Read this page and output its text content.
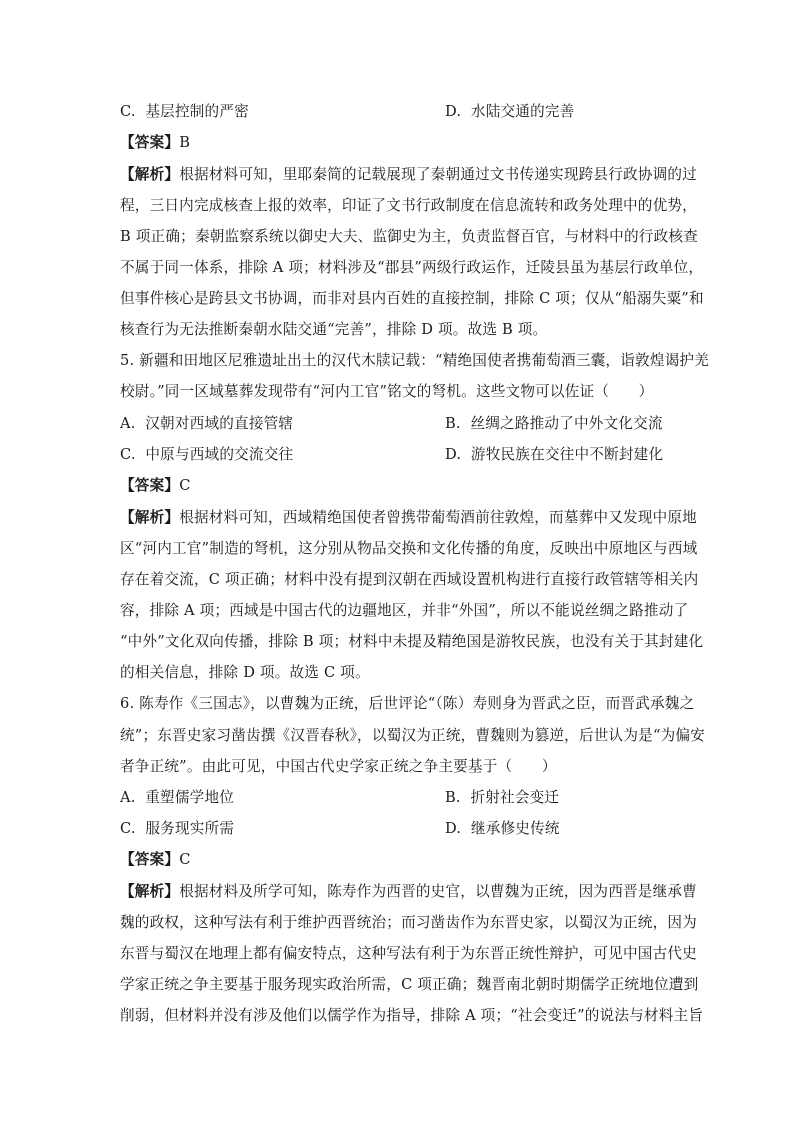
C. 基层控制的严密	D. 水陆交通的完善
【答案】B
【解析】根据材料可知，里耶秦简的记载展现了秦朝通过文书传递实现跨县行政协调的过
程，三日内完成核查上报的效率，印证了文书行政制度在信息流转和政务处理中的优势，
B 项正确；秦朝监察系统以御史大夫、监御史为主，负责监督百官，与材料中的行政核查
不属于同一体系，排除 A 项；材料涉及“郡县”两级行政运作，迁陵县虽为基层行政单位，
但事件核心是跨县文书协调，而非对县内百姓的直接控制，排除 C 项；仅从“船溺失粟”和
核查行为无法推断秦朝水陆交通“完善”，排除 D 项。故选 B 项。
5. 新疆和田地区尼雅遗址出土的汉代木牍记载：“精绝国使者携葡萄酒三囊，诣敦煌谒护羌
校尉。”同一区域墓葬发现带有“河内工官”铭文的弩机。这些文物可以佐证（　　）
A. 汉朝对西域的直接管辖	B. 丝绸之路推动了中外文化交流
C. 中原与西域的交流交往	D. 游牧民族在交往中不断封建化
【答案】C
【解析】根据材料可知，西域精绝国使者曾携带葡萄酒前往敦煌，而墓葬中又发现中原地
区“河内工官”制造的弩机，这分别从物品交换和文化传播的角度，反映出中原地区与西域
存在着交流，C 项正确；材料中没有提到汉朝在西域设置机构进行直接行政管辖等相关内
容，排除 A 项；西域是中国古代的边疆地区，并非“外国”，所以不能说丝绸之路推动了
“中外”文化双向传播，排除 B 项；材料中未提及精绝国是游牧民族，也没有关于其封建化
的相关信息，排除 D 项。故选 C 项。
6. 陈寿作《三国志》，以曹魏为正统，后世评论“（陈）寿则身为晋武之臣，而晋武承魏之
统”；东晋史家习凿齿撰《汉晋春秋》，以蜀汉为正统，曹魏则为篡逆，后世认为是“为偏安
者争正统”。由此可见，中国古代史学家正统之争主要基于（　　）
A. 重塑儒学地位	B. 折射社会变迁
C. 服务现实所需	D. 继承修史传统
【答案】C
【解析】根据材料及所学可知，陈寿作为西晋的史官，以曹魏为正统，因为西晋是继承曹
魏的政权，这种写法有利于维护西晋统治；而习凿齿作为东晋史家，以蜀汉为正统，因为
东晋与蜀汉在地理上都有偏安特点，这种写法有利于为东晋正统性辩护，可见中国古代史
学家正统之争主要基于服务现实政治所需，C 项正确；魏晋南北朝时期儒学正统地位遭到
削弱，但材料并没有涉及他们以儒学作为指导，排除 A 项；“社会变迁”的说法与材料主旨
